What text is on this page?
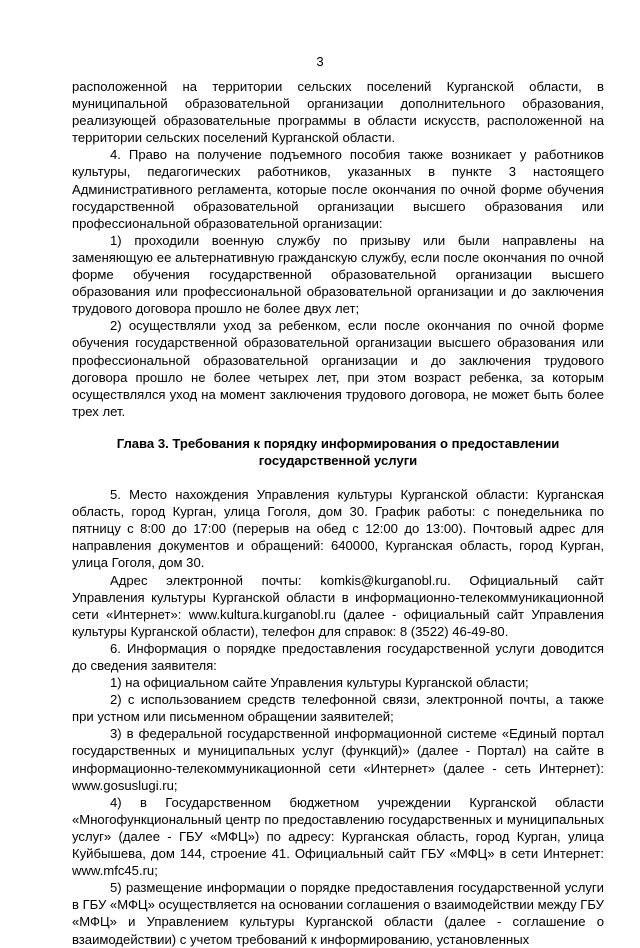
3

расположенной на территории сельских поселений Курганской области, в муниципальной образовательной организации дополнительного образования, реализующей образовательные программы в области искусств, расположенной на территории сельских поселений Курганской области.

4. Право на получение подъемного пособия также возникает у работников культуры, педагогических работников, указанных в пункте 3 настоящего Административного регламента, которые после окончания по очной форме обучения государственной образовательной организации высшего образования или профессиональной образовательной организации:

1) проходили военную службу по призыву или были направлены на заменяющую ее альтернативную гражданскую службу, если после окончания по очной форме обучения государственной образовательной организации высшего образования или профессиональной образовательной организации и до заключения трудового договора прошло не более двух лет;

2) осуществляли уход за ребенком, если после окончания по очной форме обучения государственной образовательной организации высшего образования или профессиональной образовательной организации и до заключения трудового договора прошло не более четырех лет, при этом возраст ребенка, за которым осуществлялся уход на момент заключения трудового договора, не может быть более трех лет.

Глава 3. Требования к порядку информирования о предоставлении государственной услуги

5. Место нахождения Управления культуры Курганской области: Курганская область, город Курган, улица Гоголя, дом 30. График работы: с понедельника по пятницу с 8:00 до 17:00 (перерыв на обед с 12:00 до 13:00). Почтовый адрес для направления документов и обращений: 640000, Курганская область, город Курган, улица Гоголя, дом 30.

Адрес электронной почты: komkis@kurganobl.ru. Официальный сайт Управления культуры Курганской области в информационно-телекоммуникационной сети «Интернет»: www.kultura.kurganobl.ru (далее - официальный сайт Управления культуры Курганской области), телефон для справок: 8 (3522) 46-49-80.

6. Информация о порядке предоставления государственной услуги доводится до сведения заявителя:

1) на официальном сайте Управления культуры Курганской области;

2) с использованием средств телефонной связи, электронной почты, а также при устном или письменном обращении заявителей;

3) в федеральной государственной информационной системе «Единый портал государственных и муниципальных услуг (функций)» (далее - Портал) на сайте в информационно-телекоммуникационной сети «Интернет» (далее - сеть Интернет): www.gosuslugi.ru;

4) в Государственном бюджетном учреждении Курганской области «Многофункциональный центр по предоставлению государственных и муниципальных услуг» (далее - ГБУ «МФЦ») по адресу: Курганская область, город Курган, улица Куйбышева, дом 144, строение 41. Официальный сайт ГБУ «МФЦ» в сети Интернет: www.mfc45.ru;

5) размещение информации о порядке предоставления государственной услуги в ГБУ «МФЦ» осуществляется на основании соглашения о взаимодействии между ГБУ «МФЦ» и Управлением культуры Курганской области (далее - соглашение о взаимодействии) с учетом требований к информированию, установленных
